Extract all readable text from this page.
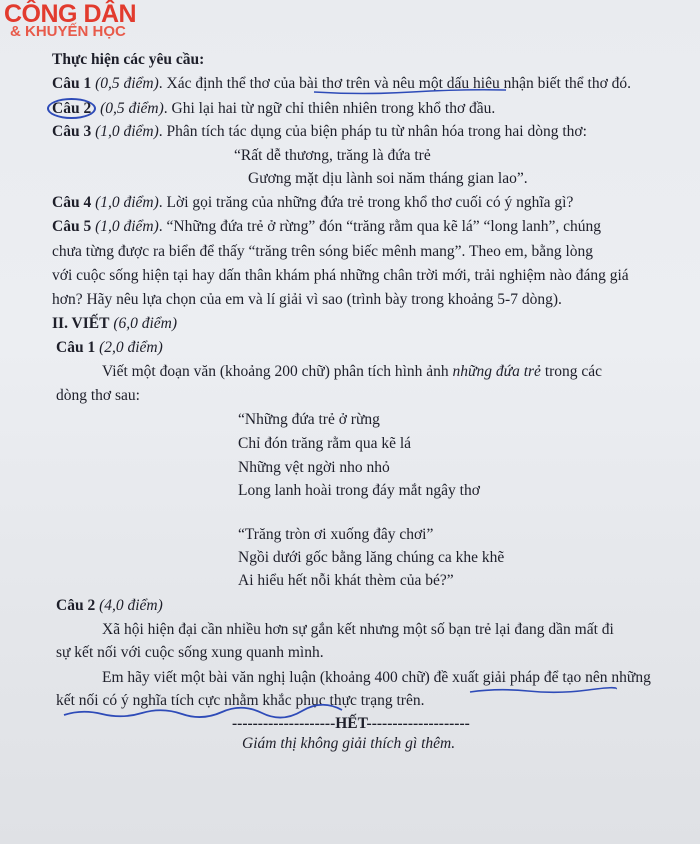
CÔNG DÂN
& KHUYẾN HỌC
Thực hiện các yêu cầu:
Câu 1 (0,5 điểm). Xác định thể thơ của bài thơ trên và nêu một dấu hiệu nhận biết thể thơ đó.
Câu 2 (0,5 điểm). Ghi lại hai từ ngữ chỉ thiên nhiên trong khổ thơ đầu.
Câu 3 (1,0 điểm). Phân tích tác dụng của biện pháp tu từ nhân hóa trong hai dòng thơ:
“Rất dễ thương, trăng là đứa trẻ
Gương mặt dịu lành soi năm tháng gian lao”.
Câu 4 (1,0 điểm). Lời gọi trăng của những đứa trẻ trong khổ thơ cuối có ý nghĩa gì?
Câu 5 (1,0 điểm). “Những đứa trẻ ở rừng” đón “trăng rằm qua kẽ lá” “long lanh”, chúng
chưa từng được ra biển để thấy “trăng trên sóng biếc mênh mang”. Theo em, bằng lòng
với cuộc sống hiện tại hay dấn thân khám phá những chân trời mới, trải nghiệm nào đáng giá
hơn? Hãy nêu lựa chọn của em và lí giải vì sao (trình bày trong khoảng 5-7 dòng).
II. VIẾT (6,0 điểm)
Câu 1 (2,0 điểm)
Viết một đoạn văn (khoảng 200 chữ) phân tích hình ảnh những đứa trẻ trong các
dòng thơ sau:
“Những đứa trẻ ở rừng
Chỉ đón trăng rằm qua kẽ lá
Những vệt ngời nho nhỏ
Long lanh hoài trong đáy mắt ngây thơ
“Trăng tròn ơi xuống đây chơi”
Ngồi dưới gốc bằng lăng chúng ca khe khẽ
Ai hiểu hết nỗi khát thèm của bé?”
Câu 2 (4,0 điểm)
Xã hội hiện đại cần nhiều hơn sự gắn kết nhưng một số bạn trẻ lại đang dần mất đi
sự kết nối với cuộc sống xung quanh mình.
Em hãy viết một bài văn nghị luận (khoảng 400 chữ) đề xuất giải pháp để tạo nên những
kết nối có ý nghĩa tích cực nhằm khắc phục thực trạng trên.
--------------------HẾT--------------------
Giám thị không giải thích gì thêm.
